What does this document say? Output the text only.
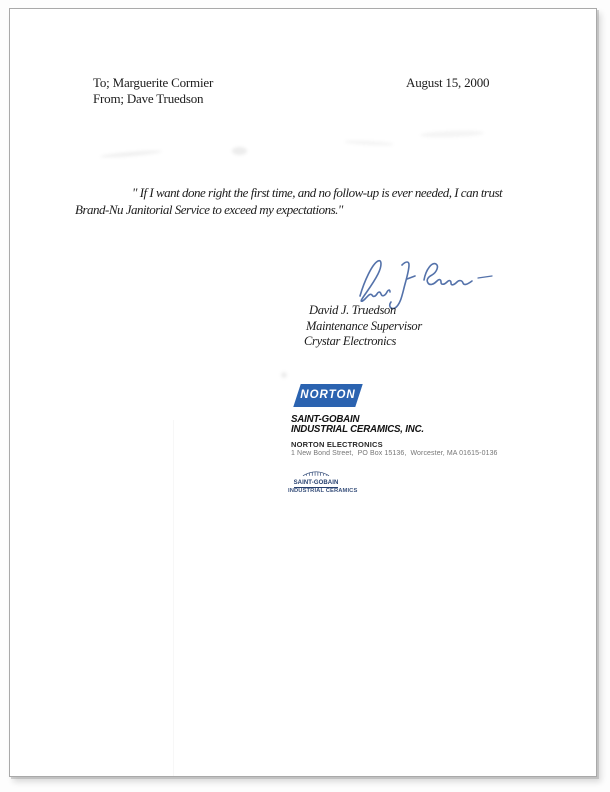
To; Marguerite Cormier
From; Dave Truedson
August 15, 2000
" If I want done right the first time, and no follow-up is ever needed, I can trust
Brand-Nu Janitorial Service to exceed my expectations."
David J. Truedson
Maintenance Supervisor
Crystar Electronics
NORTON
SAINT-GOBAIN
INDUSTRIAL CERAMICS, INC.
NORTON ELECTRONICS
1 New Bond Street,  PO Box 15136,  Worcester, MA 01615-0136
SAINT-GOBAIN
INDUSTRIAL CERAMICS
